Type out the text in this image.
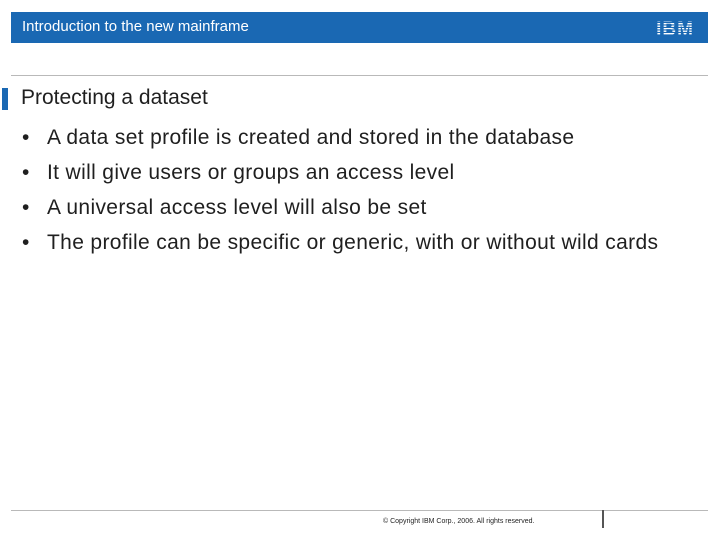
Introduction to the new mainframe	IBM
Protecting a dataset
• A data set profile is created and stored in the database
• It will give users or groups an access level
• A universal access level will also be set
• The profile can be specific or generic, with or without wild cards
© Copyright IBM Corp., 2006. All rights reserved.
